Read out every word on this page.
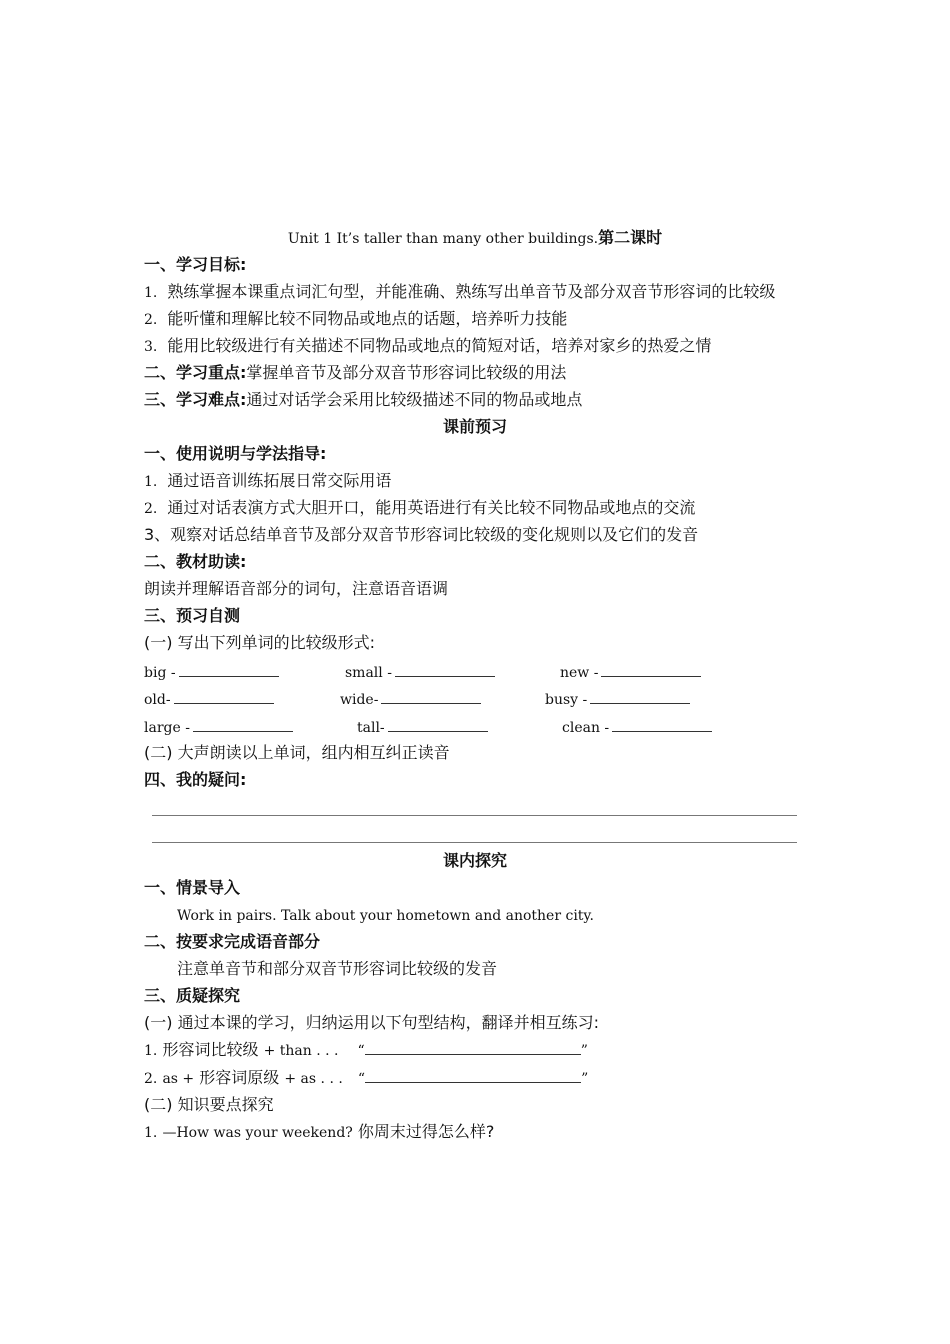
Unit 1 It’s taller than many other buildings.第二课时
一、学习目标:
1. 熟练掌握本课重点词汇句型，并能准确、熟练写出单音节及部分双音节形容词的比较级
2. 能听懂和理解比较不同物品或地点的话题，培养听力技能
3. 能用比较级进行有关描述不同物品或地点的简短对话，培养对家乡的热爱之情
二、学习重点:掌握单音节及部分双音节形容词比较级的用法
三、学习难点:通过对话学会采用比较级描述不同的物品或地点
课前预习
一、使用说明与学法指导:
1. 通过语音训练拓展日常交际用语
2. 通过对话表演方式大胆开口，能用英语进行有关比较不同物品或地点的交流
3、观察对话总结单音节及部分双音节形容词比较级的变化规则以及它们的发音
二、教材助读:
朗读并理解语音部分的词句，注意语音语调
三、预习自测
(一) 写出下列单词的比较级形式:
big -	small -	new -
old-	wide-	busy -
large -	tall-	clean -
(二) 大声朗读以上单词，组内相互纠正读音
四、我的疑问:
课内探究
一、情景导入
Work in pairs. Talk about your hometown and another city.
二、按要求完成语音部分
注意单音节和部分双音节形容词比较级的发音
三、质疑探究
(一) 通过本课的学习，归纳运用以下句型结构，翻译并相互练习:
1. 形容词比较级 + than . . . “	”
2. as + 形容词原级 + as . . . “	”
(二) 知识要点探究
1. —How was your weekend? 你周末过得怎么样?
